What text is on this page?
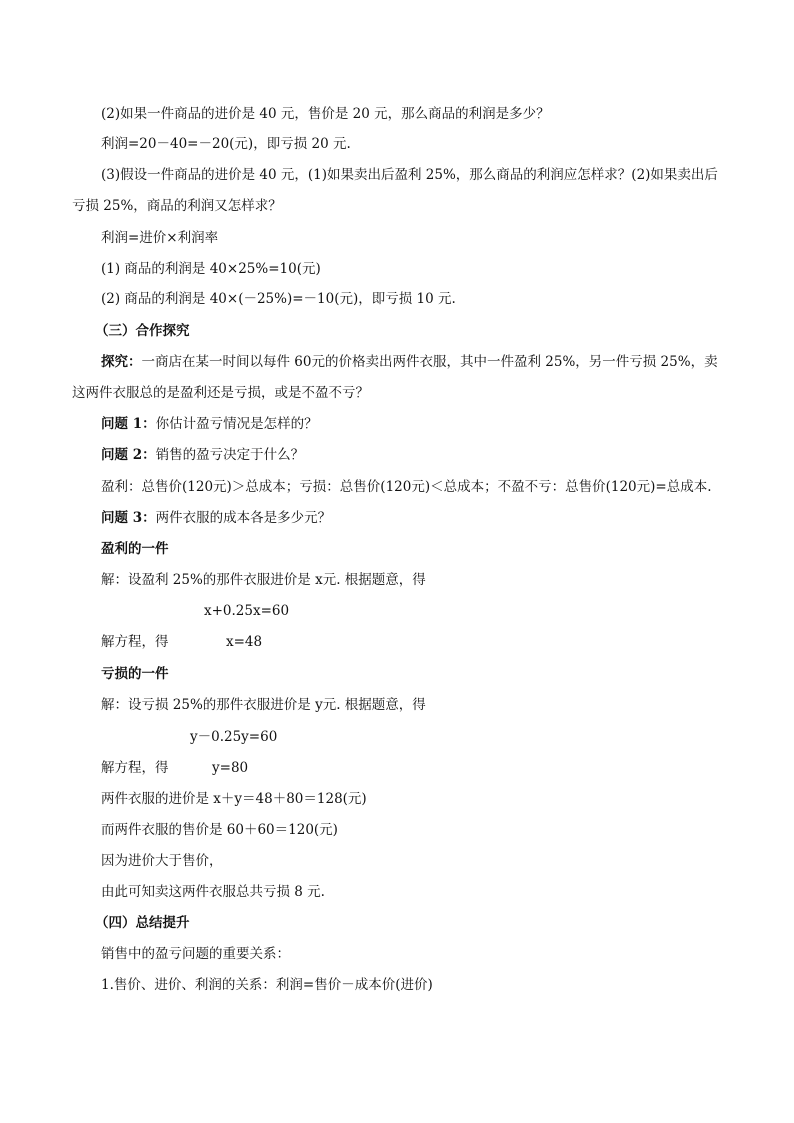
(2)如果一件商品的进价是 40 元，售价是 20 元，那么商品的利润是多少？
利润=20－40=－20(元)，即亏损 20 元.
(3)假设一件商品的进价是 40 元，(1)如果卖出后盈利 25%，那么商品的利润应怎样求？(2)如果卖出后
亏损 25%，商品的利润又怎样求？
利润=进价×利润率
(1) 商品的利润是 40×25%=10(元)
(2) 商品的利润是 40×(－25%)=－10(元)，即亏损 10 元.
（三）合作探究
探究：一商店在某一时间以每件 60元的价格卖出两件衣服，其中一件盈利 25%，另一件亏损 25%，卖
这两件衣服总的是盈利还是亏损，或是不盈不亏？
问题 1：你估计盈亏情况是怎样的？
问题 2：销售的盈亏决定于什么？
盈利：总售价(120元)＞总成本；亏损：总售价(120元)＜总成本；不盈不亏：总售价(120元)=总成本.
问题 3：两件衣服的成本各是多少元？
盈利的一件
解：设盈利 25%的那件衣服进价是 x元. 根据题意，得
x+0.25x=60
解方程，得	x=48
亏损的一件
解：设亏损 25%的那件衣服进价是 y元. 根据题意，得
y－0.25y=60
解方程，得	y=80
两件衣服的进价是 x＋y＝48＋80＝128(元)
而两件衣服的售价是 60＋60＝120(元)
因为进价大于售价，
由此可知卖这两件衣服总共亏损 8 元.
（四）总结提升
销售中的盈亏问题的重要关系：
1.售价、进价、利润的关系：利润=售价－成本价(进价)
